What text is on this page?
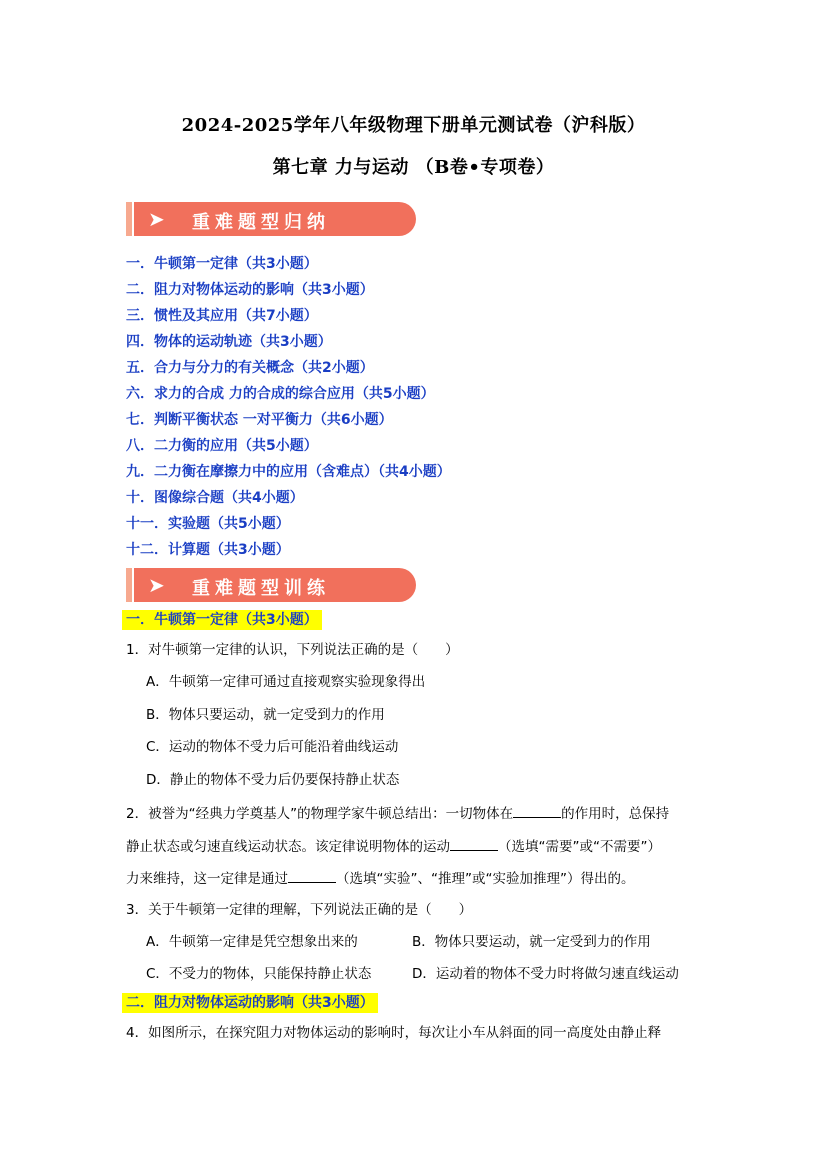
2024-2025学年八年级物理下册单元测试卷（沪科版）
第七章 力与运动 （B卷•专项卷）
➤ 重难题型归纳
一．牛顿第一定律（共3小题）
二．阻力对物体运动的影响（共3小题）
三．惯性及其应用（共7小题）
四．物体的运动轨迹（共3小题）
五．合力与分力的有关概念（共2小题）
六．求力的合成 力的合成的综合应用（共5小题）
七．判断平衡状态 一对平衡力（共6小题）
八．二力衡的应用（共5小题）
九．二力衡在摩擦力中的应用（含难点）（共4小题）
十．图像综合题（共4小题）
十一．实验题（共5小题）
十二．计算题（共3小题）
➤ 重难题型训练
一．牛顿第一定律（共3小题）
1．对牛顿第一定律的认识，下列说法正确的是（　　）
A．牛顿第一定律可通过直接观察实验现象得出
B．物体只要运动，就一定受到力的作用
C．运动的物体不受力后可能沿着曲线运动
D．静止的物体不受力后仍要保持静止状态
2．被誉为“经典力学奠基人”的物理学家牛顿总结出：一切物体在	的作用时，总保持
静止状态或匀速直线运动状态。该定律说明物体的运动	（选填“需要”或“不需要”）
力来维持，这一定律是通过	（选填“实验”、“推理”或“实验加推理”）得出的。
3．关于牛顿第一定律的理解，下列说法正确的是（　　）
A．牛顿第一定律是凭空想象出来的	B．物体只要运动，就一定受到力的作用
C．不受力的物体，只能保持静止状态	D．运动着的物体不受力时将做匀速直线运动
二．阻力对物体运动的影响（共3小题）
4．如图所示，在探究阻力对物体运动的影响时，每次让小车从斜面的同一高度处由静止释
